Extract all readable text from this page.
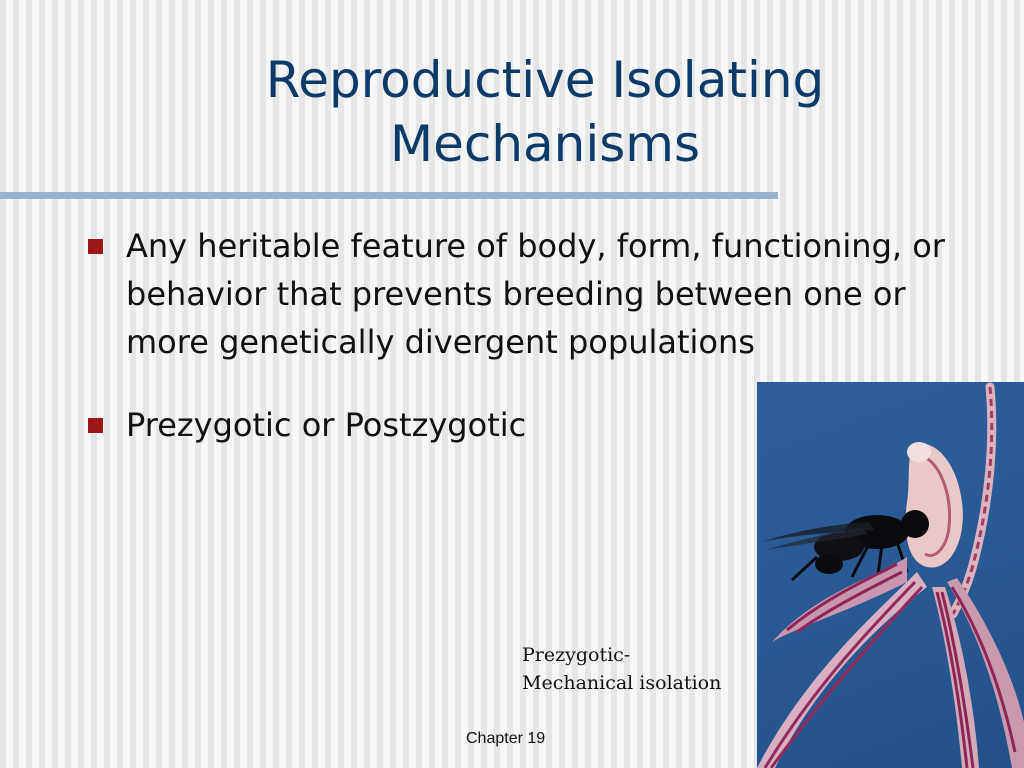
Reproductive Isolating
Mechanisms
Any heritable feature of body, form, functioning, or behavior that prevents breeding between one or more genetically divergent populations
Prezygotic or Postzygotic
Prezygotic-
Mechanical isolation
Chapter 19
